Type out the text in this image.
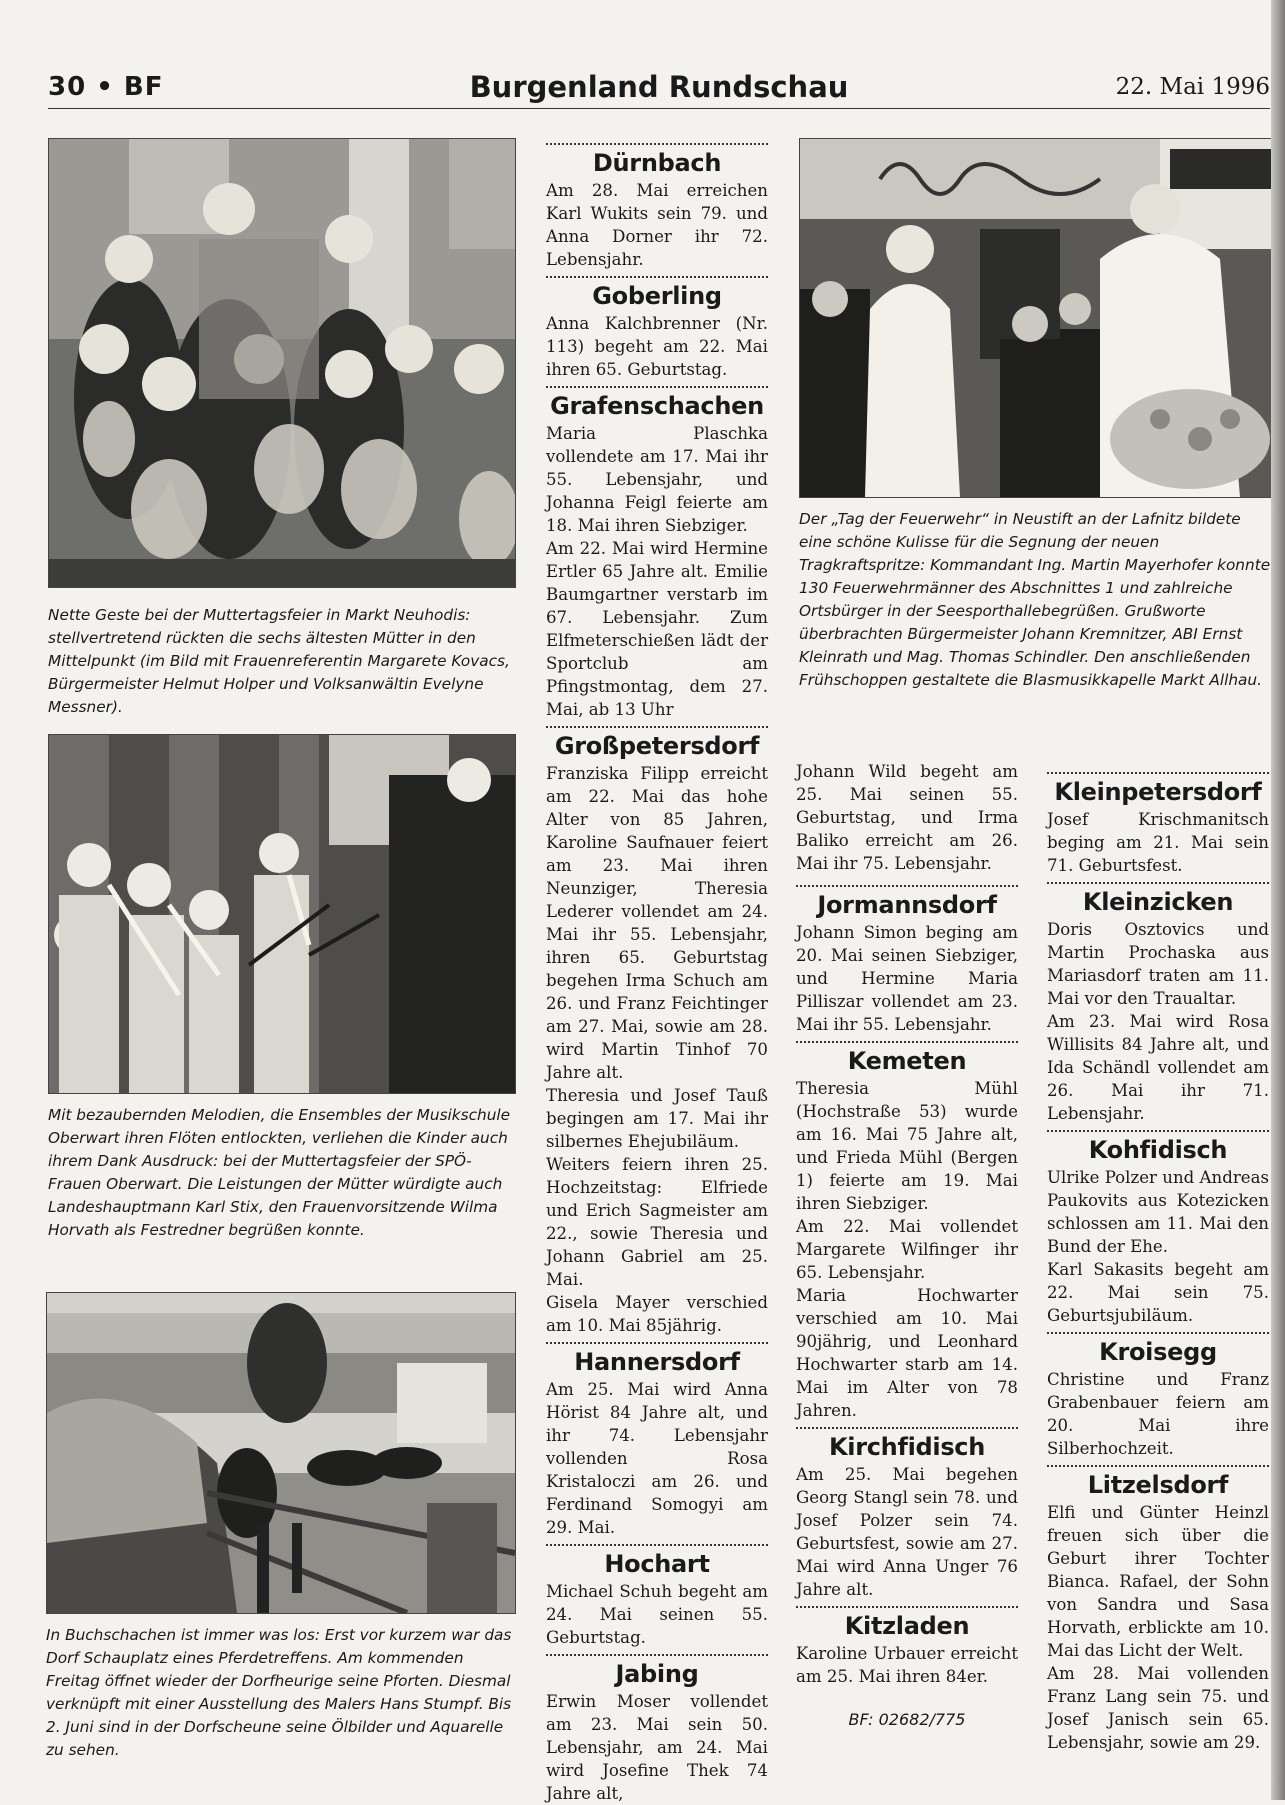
30 • BF	Burgenland Rundschau	22. Mai 1996
Nette Geste bei der Muttertagsfeier in Markt Neuhodis: stellvertretend rückten die sechs ältesten Mütter in den Mittelpunkt (im Bild mit Frauenreferentin Margarete Kovacs, Bürgermeister Helmut Holper und Volksanwältin Evelyne Messner).
Mit bezaubernden Melodien, die Ensembles der Musikschule Oberwart ihren Flöten entlockten, verliehen die Kinder auch ihrem Dank Ausdruck: bei der Muttertagsfeier der SPÖ-Frauen Oberwart. Die Leistungen der Mütter würdigte auch Landeshauptmann Karl Stix, den Frauenvorsitzende Wilma Horvath als Festredner begrüßen konnte.
In Buchschachen ist immer was los: Erst vor kurzem war das Dorf Schauplatz eines Pferdetreffens. Am kommenden Freitag öffnet wieder der Dorfheurige seine Pforten. Diesmal verknüpft mit einer Ausstellung des Malers Hans Stumpf. Bis 2. Juni sind in der Dorfscheune seine Ölbilder und Aquarelle zu sehen.
Dürnbach

Am 28. Mai erreichen Karl Wukits sein 79. und Anna Dorner ihr 72. Lebensjahr.

Goberling

Anna Kalchbrenner (Nr. 113) begeht am 22. Mai ihren 65. Geburtstag.

Grafenschachen

Maria Plaschka vollendete am 17. Mai ihr 55. Lebensjahr, und Johanna Feigl feierte am 18. Mai ihren Siebziger.

Am 22. Mai wird Hermine Ertler 65 Jahre alt. Emilie Baumgartner verstarb im 67. Lebensjahr. Zum Elfmeterschießen lädt der Sportclub am Pfingstmontag, dem 27. Mai, ab 13 Uhr

Großpetersdorf

Franziska Filipp erreicht am 22. Mai das hohe Alter von 85 Jahren, Karoline Saufnauer feiert am 23. Mai ihren Neunziger, Theresia Lederer vollendet am 24. Mai ihr 55. Lebensjahr, ihren 65. Geburtstag begehen Irma Schuch am 26. und Franz Feichtinger am 27. Mai, sowie am 28. wird Martin Tinhof 70 Jahre alt.

Theresia und Josef Tauß begingen am 17. Mai ihr silbernes Ehejubiläum.

Weiters feiern ihren 25. Hochzeitstag: Elfriede und Erich Sagmeister am 22., sowie Theresia und Johann Gabriel am 25. Mai.

Gisela Mayer verschied am 10. Mai 85jährig.

Hannersdorf

Am 25. Mai wird Anna Hörist 84 Jahre alt, und ihr 74. Lebensjahr vollenden Rosa Kristaloczi am 26. und Ferdinand Somogyi am 29. Mai.

Hochart

Michael Schuh begeht am 24. Mai seinen 55. Geburtstag.

Jabing

Erwin Moser vollendet am 23. Mai sein 50. Lebensjahr, am 24. Mai wird Josefine Thek 74 Jahre alt,

Der „Tag der Feuerwehr“ in Neustift an der Lafnitz bildete eine schöne Kulisse für die Segnung der neuen Tragkraftspritze: Kommandant Ing. Martin Mayerhofer konnte 130 Feuerwehrmänner des Abschnittes 1 und zahlreiche Ortsbürger in der Seesporthallebegrüßen. Grußworte überbrachten Bürgermeister Johann Kremnitzer, ABI Ernst Kleinrath und Mag. Thomas Schindler. Den anschließenden Frühschoppen gestaltete die Blasmusikkapelle Markt Allhau.

Johann Wild begeht am 25. Mai seinen 55. Geburtstag, und Irma Baliko erreicht am 26. Mai ihr 75. Lebensjahr.

Jormannsdorf

Johann Simon beging am 20. Mai seinen Siebziger, und Hermine Maria Pilliszar vollendet am 23. Mai ihr 55. Lebensjahr.

Kemeten

Theresia Mühl (Hochstraße 53) wurde am 16. Mai 75 Jahre alt, und Frieda Mühl (Bergen 1) feierte am 19. Mai ihren Siebziger.

Am 22. Mai vollendet Margarete Wilfinger ihr 65. Lebensjahr.

Maria Hochwarter verschied am 10. Mai 90jährig, und Leonhard Hochwarter starb am 14. Mai im Alter von 78 Jahren.

Kirchfidisch

Am 25. Mai begehen Georg Stangl sein 78. und Josef Polzer sein 74. Geburtsfest, sowie am 27. Mai wird Anna Unger 76 Jahre alt.

Kitzladen

Karoline Urbauer erreicht am 25. Mai ihren 84er.

BF: 02682/775
Kleinpetersdorf

Josef Krischmanitsch beging am 21. Mai sein 71. Geburtsfest.

Kleinzicken

Doris Osztovics und Martin Prochaska aus Mariasdorf traten am 11. Mai vor den Traualtar.

Am 23. Mai wird Rosa Willisits 84 Jahre alt, und Ida Schändl vollendet am 26. Mai ihr 71. Lebensjahr.

Kohfidisch

Ulrike Polzer und Andreas Paukovits aus Kotezicken schlossen am 11. Mai den Bund der Ehe.

Karl Sakasits begeht am 22. Mai sein 75. Geburtsjubiläum.

Kroisegg

Christine und Franz Grabenbauer feiern am 20. Mai ihre Silberhochzeit.

Litzelsdorf

Elfi und Günter Heinzl freuen sich über die Geburt ihrer Tochter Bianca. Rafael, der Sohn von Sandra und Sasa Horvath, erblickte am 10. Mai das Licht der Welt.

Am 28. Mai vollenden Franz Lang sein 75. und Josef Janisch sein 65. Lebensjahr, sowie am 29.
